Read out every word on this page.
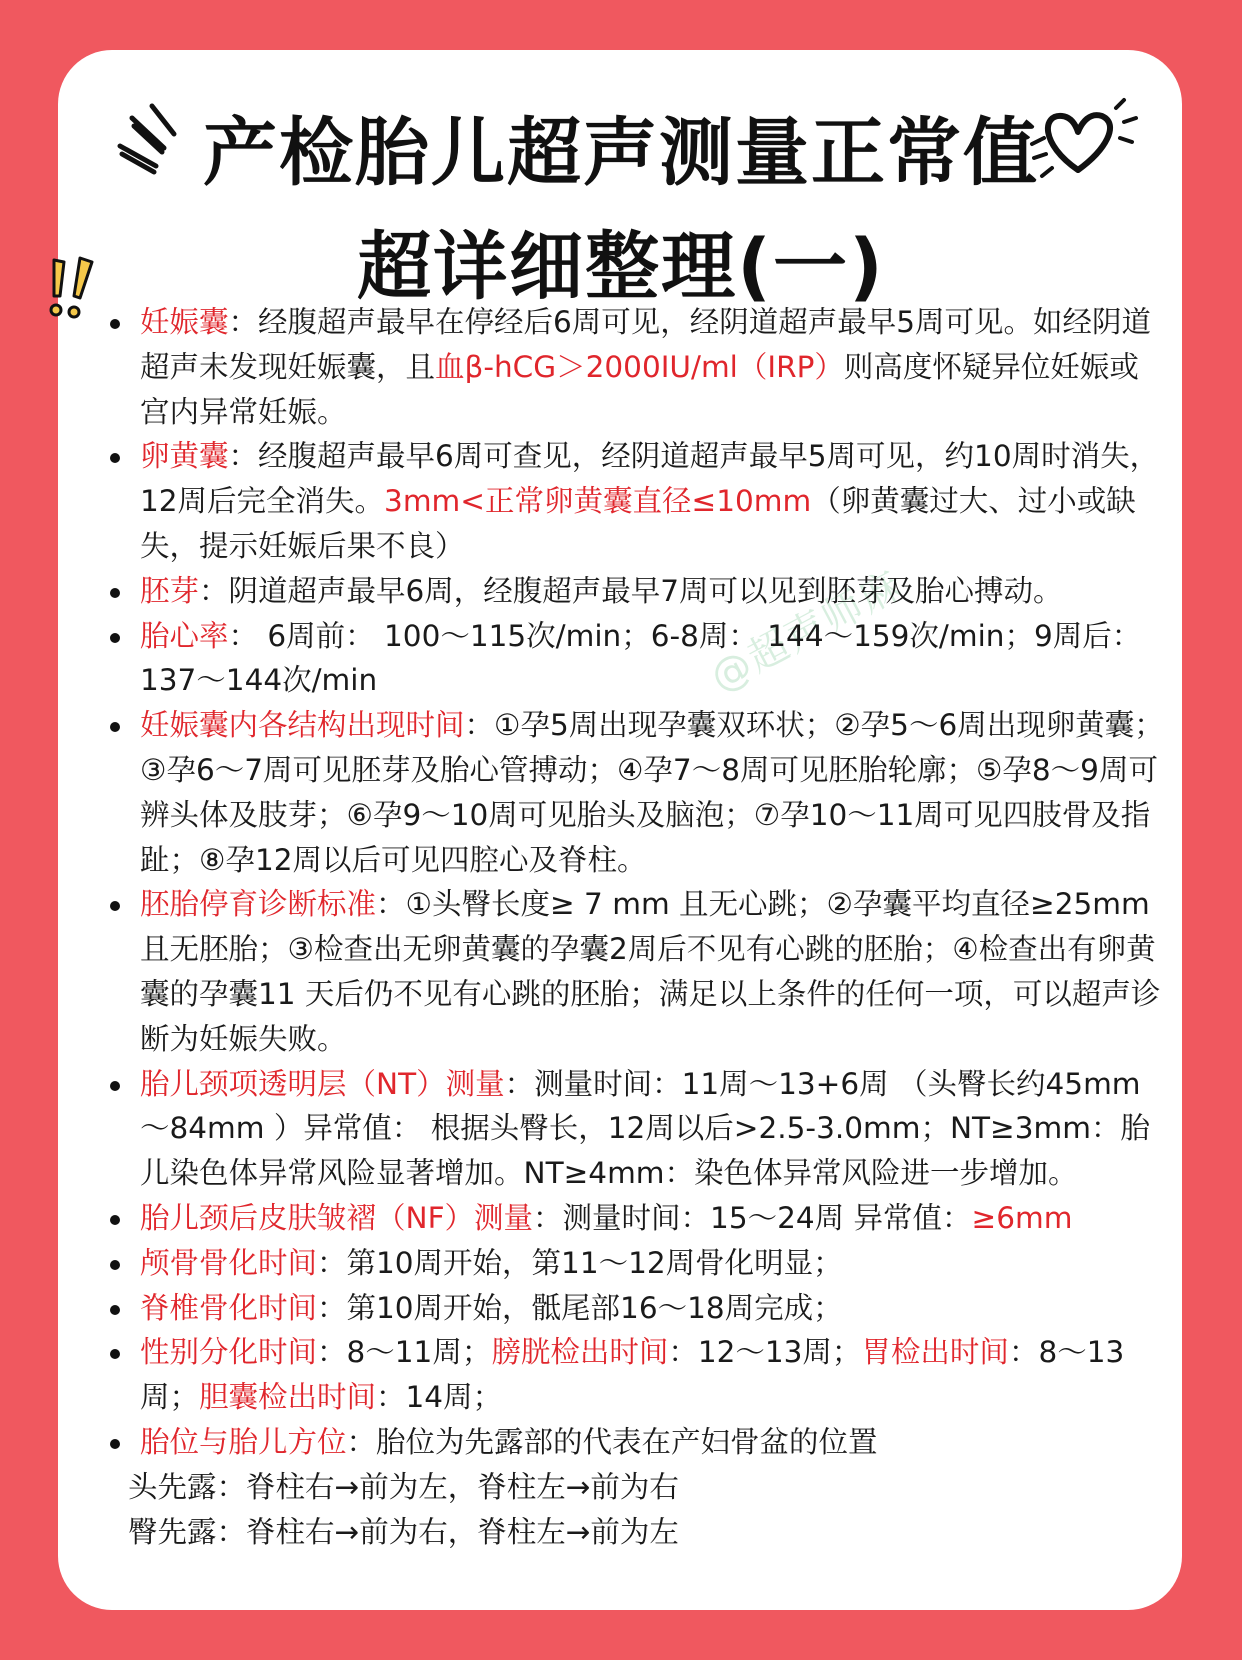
产检胎儿超声测量正常值
超详细整理(一)
@超声师麻
妊娠囊：经腹超声最早在停经后6周可见，经阴道超声最早5周可见。如经阴道超声未发现妊娠囊，且血β-hCG＞2000IU/ml（IRP）则高度怀疑异位妊娠或宫内异常妊娠。
卵黄囊：经腹超声最早6周可查见，经阴道超声最早5周可见，约10周时消失，12周后完全消失。3mm<正常卵黄囊直径≤10mm（卵黄囊过大、过小或缺失，提示妊娠后果不良）
胚芽：阴道超声最早6周，经腹超声最早7周可以见到胚芽及胎心搏动。
胎心率： 6周前： 100～115次/min；6-8周： 144～159次/min；9周后：137～144次/min
妊娠囊内各结构出现时间：①孕5周出现孕囊双环状；②孕5～6周出现卵黄囊；③孕6～7周可见胚芽及胎心管搏动；④孕7～8周可见胚胎轮廓；⑤孕8～9周可辨头体及肢芽；⑥孕9～10周可见胎头及脑泡；⑦孕10～11周可见四肢骨及指趾；⑧孕12周以后可见四腔心及脊柱。
胚胎停育诊断标准：①头臀长度≥ 7 mm 且无心跳；②孕囊平均直径≥25mm且无胚胎；③检查出无卵黄囊的孕囊2周后不见有心跳的胚胎；④检查出有卵黄囊的孕囊11 天后仍不见有心跳的胚胎；满足以上条件的任何一项，可以超声诊断为妊娠失败。
胎儿颈项透明层（NT）测量：测量时间：11周～13+6周 （头臀长约45mm～84mm ）异常值： 根据头臀长，12周以后>2.5-3.0mm；NT≥3mm：胎儿染色体异常风险显著增加。NT≥4mm：染色体异常风险进一步增加。
胎儿颈后皮肤皱褶（NF）测量：测量时间：15～24周 异常值：≥6mm
颅骨骨化时间：第10周开始，第11～12周骨化明显；
脊椎骨化时间：第10周开始，骶尾部16～18周完成；
性别分化时间：8～11周；膀胱检出时间：12～13周；胃检出时间：8～13周；胆囊检出时间：14周；
胎位与胎儿方位：胎位为先露部的代表在产妇骨盆的位置
头先露：脊柱右→前为左，脊柱左→前为右
臀先露：脊柱右→前为右，脊柱左→前为左
